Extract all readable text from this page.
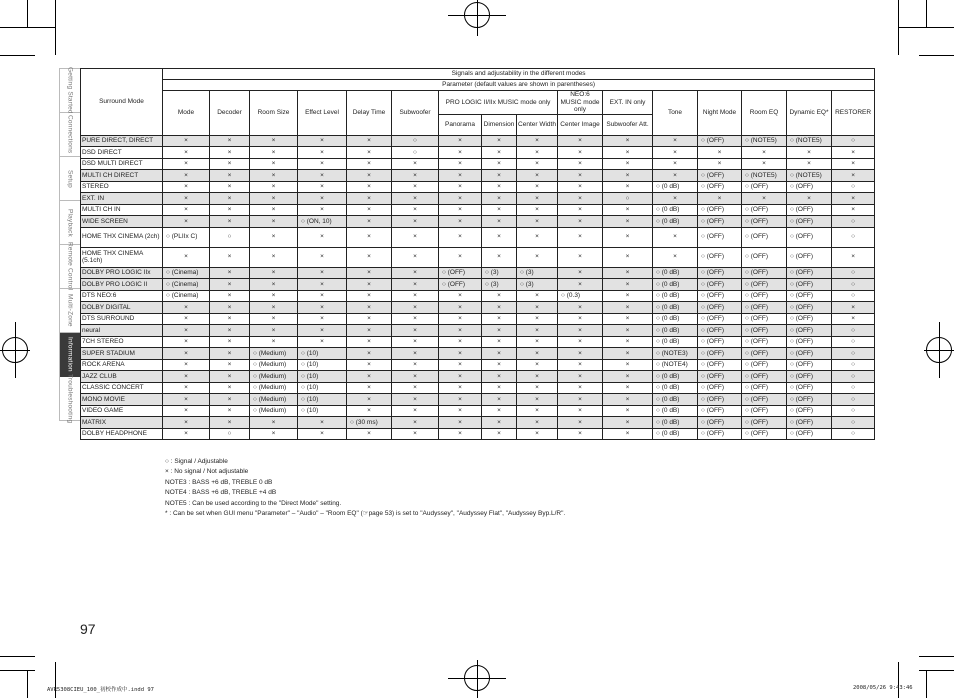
Getting Started
Connections
Setup
Playback
Remote Control
Multi-Zone
Information
Troubleshooting
Surround Mode	Signals and adjustability in the different modes															
	Parameter (default values are shown in parentheses)															
	Mode	Decoder	Room Size	Effect Level	Delay Time	Subwoofer	PRO LOGIC II/IIx MUSIC mode only			NEO:6 MUSIC mode only	EXT. IN only	Tone	Night Mode	Room EQ	Dynamic EQ*	RESTORER
							Panorama	Dimension	Center Width	Center Image	Subwoofer Att.					
PURE DIRECT, DIRECT	×	×	×	×	×	○	×	×	×	×	×	×	○ (OFF)	○ (NOTE5)	○ (NOTE5)	○
DSD DIRECT	×	×	×	×	×	○	×	×	×	×	×	×	×	×	×	×
DSD MULTI DIRECT	×	×	×	×	×	×	×	×	×	×	×	×	×	×	×	×
MULTI CH DIRECT	×	×	×	×	×	×	×	×	×	×	×	×	○ (OFF)	○ (NOTE5)	○ (NOTE5)	×
STEREO	×	×	×	×	×	×	×	×	×	×	×	○ (0 dB)	○ (OFF)	○ (OFF)	○ (OFF)	○
EXT. IN	×	×	×	×	×	×	×	×	×	×	○	×	×	×	×	×
MULTI CH IN	×	×	×	×	×	×	×	×	×	×	×	○ (0 dB)	○ (OFF)	○ (OFF)	○ (OFF)	×
WIDE SCREEN	×	×	×	○ (ON, 10)	×	×	×	×	×	×	×	○ (0 dB)	○ (OFF)	○ (OFF)	○ (OFF)	○
HOME THX CINEMA (2ch)	○ (PLIIx C)	○	×	×	×	×	×	×	×	×	×	×	○ (OFF)	○ (OFF)	○ (OFF)	○
HOME THX CINEMA (5.1ch)	×	×	×	×	×	×	×	×	×	×	×	×	○ (OFF)	○ (OFF)	○ (OFF)	×
DOLBY PRO LOGIC IIx	○ (Cinema)	×	×	×	×	×	○ (OFF)	○ (3)	○ (3)	×	×	○ (0 dB)	○ (OFF)	○ (OFF)	○ (OFF)	○
DOLBY PRO LOGIC II	○ (Cinema)	×	×	×	×	×	○ (OFF)	○ (3)	○ (3)	×	×	○ (0 dB)	○ (OFF)	○ (OFF)	○ (OFF)	○
DTS NEO:6	○ (Cinema)	×	×	×	×	×	×	×	×	○ (0.3)	×	○ (0 dB)	○ (OFF)	○ (OFF)	○ (OFF)	○
DOLBY DIGITAL	×	×	×	×	×	×	×	×	×	×	×	○ (0 dB)	○ (OFF)	○ (OFF)	○ (OFF)	×
DTS SURROUND	×	×	×	×	×	×	×	×	×	×	×	○ (0 dB)	○ (OFF)	○ (OFF)	○ (OFF)	×
neural	×	×	×	×	×	×	×	×	×	×	×	○ (0 dB)	○ (OFF)	○ (OFF)	○ (OFF)	○
7CH STEREO	×	×	×	×	×	×	×	×	×	×	×	○ (0 dB)	○ (OFF)	○ (OFF)	○ (OFF)	○
SUPER STADIUM	×	×	○ (Medium)	○ (10)	×	×	×	×	×	×	×	○ (NOTE3)	○ (OFF)	○ (OFF)	○ (OFF)	○
ROCK ARENA	×	×	○ (Medium)	○ (10)	×	×	×	×	×	×	×	○ (NOTE4)	○ (OFF)	○ (OFF)	○ (OFF)	○
JAZZ CLUB	×	×	○ (Medium)	○ (10)	×	×	×	×	×	×	×	○ (0 dB)	○ (OFF)	○ (OFF)	○ (OFF)	○
CLASSIC CONCERT	×	×	○ (Medium)	○ (10)	×	×	×	×	×	×	×	○ (0 dB)	○ (OFF)	○ (OFF)	○ (OFF)	○
MONO MOVIE	×	×	○ (Medium)	○ (10)	×	×	×	×	×	×	×	○ (0 dB)	○ (OFF)	○ (OFF)	○ (OFF)	○
VIDEO GAME	×	×	○ (Medium)	○ (10)	×	×	×	×	×	×	×	○ (0 dB)	○ (OFF)	○ (OFF)	○ (OFF)	○
MATRIX	×	×	×	×	○ (30 ms)	×	×	×	×	×	×	○ (0 dB)	○ (OFF)	○ (OFF)	○ (OFF)	○
DOLBY HEADPHONE	×	○	×	×	×	×	×	×	×	×	×	○ (0 dB)	○ (OFF)	○ (OFF)	○ (OFF)	○
○ : Signal / Adjustable
× : No signal / Not adjustable
NOTE3 : BASS +6 dB, TREBLE 0 dB
NOTE4 : BASS +6 dB, TREBLE +4 dB
NOTE5 : Can be used according to the "Direct Mode" setting.
* : Can be set when GUI menu "Parameter" – "Audio" – "Room EQ" (☞page 53) is set to "Audyssey", "Audyssey Flat", "Audyssey Byp.L/R".
97
AVR5308CIEU_100_初校作成中.indd 97	2008/05/26 9:43:46
